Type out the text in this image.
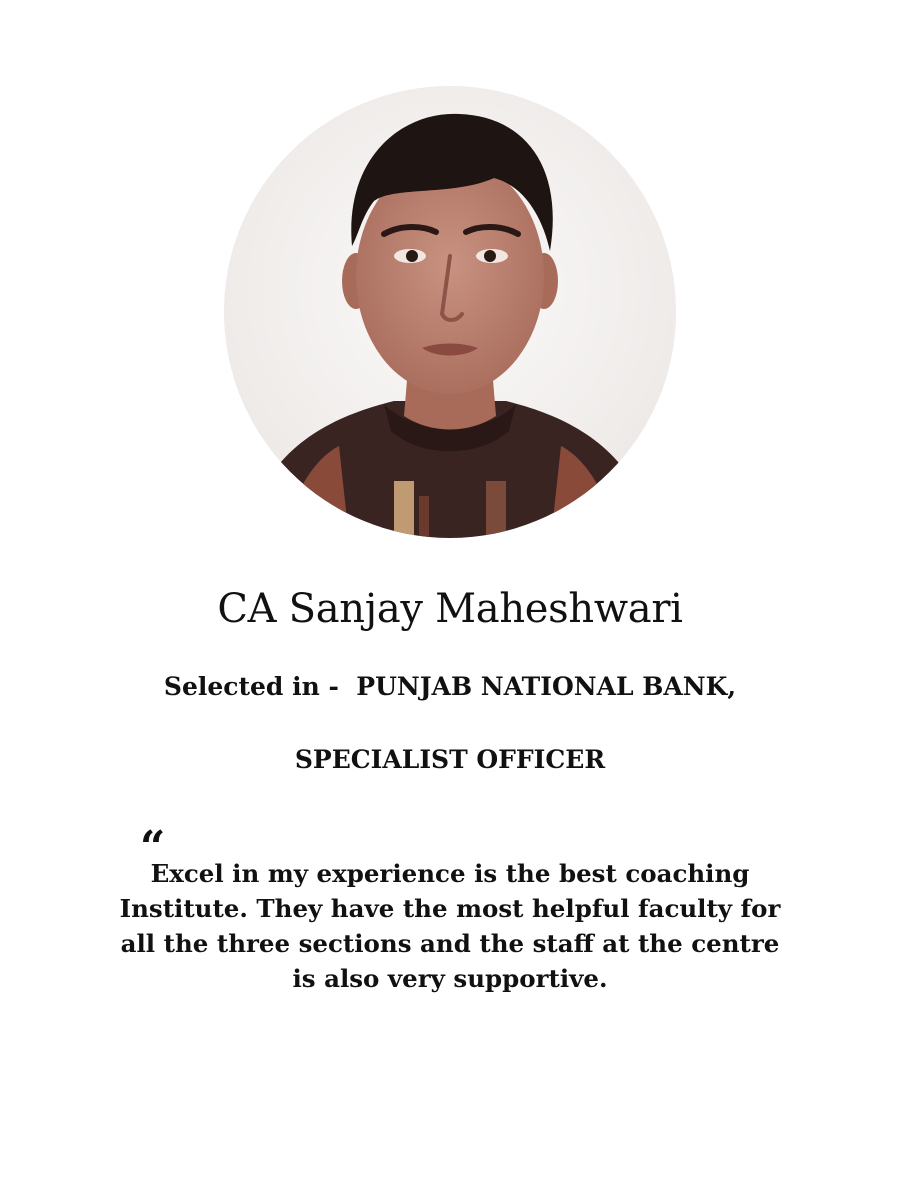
CA Sanjay Maheshwari
Selected in -  PUNJAB NATIONAL BANK,
SPECIALIST OFFICER
“
Excel in my experience is the best coaching
Institute. They have the most helpful faculty for
all the three sections and the staff at the centre
is also very supportive.
